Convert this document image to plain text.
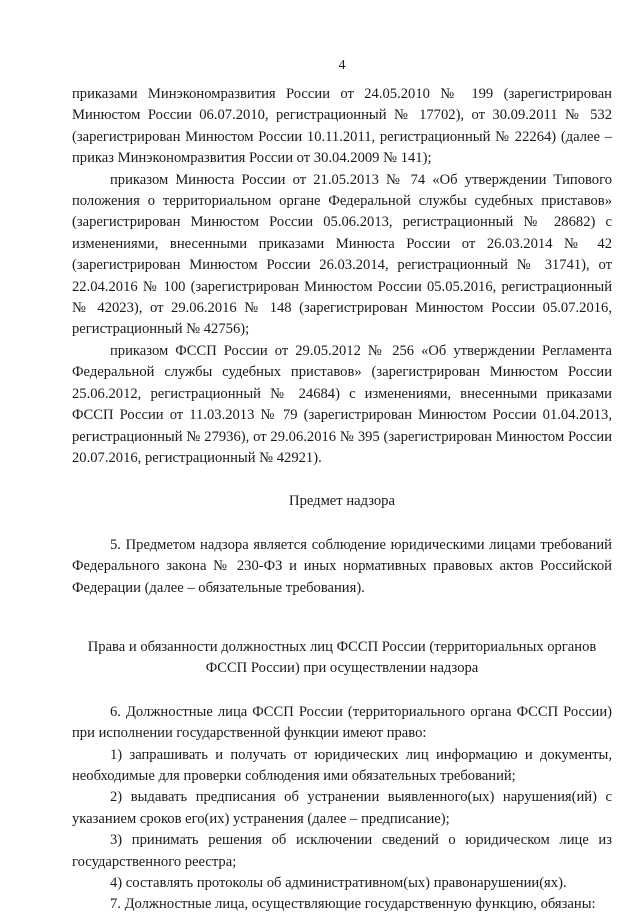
4

приказами Минэкономразвития России от 24.05.2010 № 199 (зарегистрирован Минюстом России 06.07.2010, регистрационный № 17702), от 30.09.2011 № 532 (зарегистрирован Минюстом России 10.11.2011, регистрационный № 22264) (далее – приказ Минэкономразвития России от 30.04.2009 № 141);

приказом Минюста России от 21.05.2013 № 74 «Об утверждении Типового положения о территориальном органе Федеральной службы судебных приставов» (зарегистрирован Минюстом России 05.06.2013, регистрационный № 28682) с изменениями, внесенными приказами Минюста России от 26.03.2014 № 42 (зарегистрирован Минюстом России 26.03.2014, регистрационный № 31741), от 22.04.2016 № 100 (зарегистрирован Минюстом России 05.05.2016, регистрационный № 42023), от 29.06.2016 № 148 (зарегистрирован Минюстом России 05.07.2016, регистрационный № 42756);

приказом ФССП России от 29.05.2012 № 256 «Об утверждении Регламента Федеральной службы судебных приставов» (зарегистрирован Минюстом России 25.06.2012, регистрационный № 24684) с изменениями, внесенными приказами ФССП России от 11.03.2013 № 79 (зарегистрирован Минюстом России 01.04.2013, регистрационный № 27936), от 29.06.2016 № 395 (зарегистрирован Минюстом России 20.07.2016, регистрационный № 42921).

Предмет надзора

5. Предметом надзора является соблюдение юридическими лицами требований Федерального закона № 230-ФЗ и иных нормативных правовых актов Российской Федерации (далее – обязательные требования).

Права и обязанности должностных лиц ФССП России (территориальных органов ФССП России) при осуществлении надзора

6. Должностные лица ФССП России (территориального органа ФССП России) при исполнении государственной функции имеют право:

1) запрашивать и получать от юридических лиц информацию и документы, необходимые для проверки соблюдения ими обязательных требований;

2) выдавать предписания об устранении выявленного(ых) нарушения(ий) с указанием сроков его(их) устранения (далее – предписание);

3) принимать решения об исключении сведений о юридическом лице из государственного реестра;

4) составлять протоколы об административном(ых) правонарушении(ях).

7. Должностные лица, осуществляющие государственную функцию, обязаны:
